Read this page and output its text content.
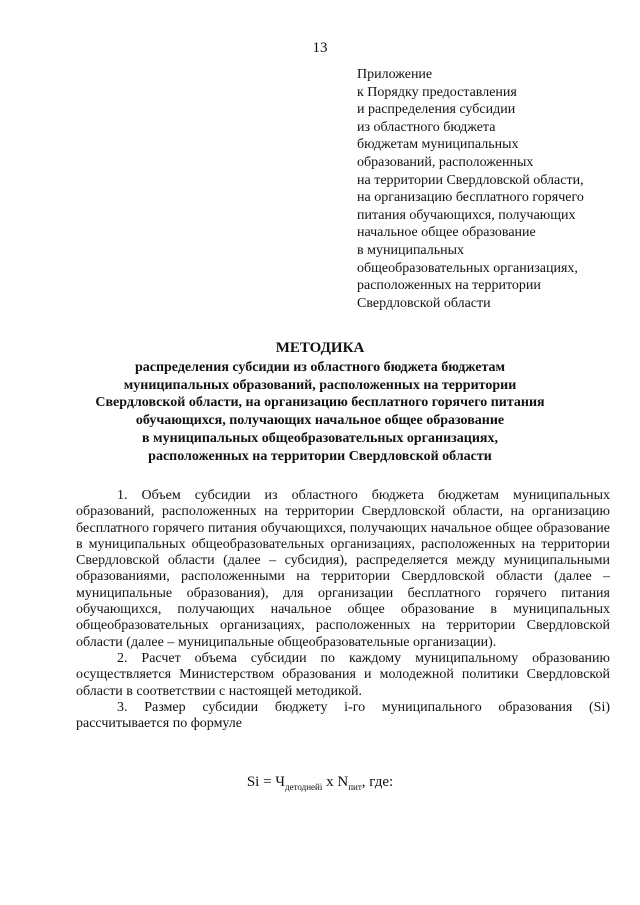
13
Приложение
к Порядку предоставления
и распределения субсидии
из областного бюджета
бюджетам муниципальных
образований, расположенных
на территории Свердловской области,
на организацию бесплатного горячего
питания обучающихся, получающих
начальное общее образование
в муниципальных
общеобразовательных организациях,
расположенных на территории
Свердловской области
МЕТОДИКА
распределения субсидии из областного бюджета бюджетам
муниципальных образований, расположенных на территории
Свердловской области, на организацию бесплатного горячего питания
обучающихся, получающих начальное общее образование
в муниципальных общеобразовательных организациях,
расположенных на территории Свердловской области

1. Объем субсидии из областного бюджета бюджетам муниципальных образований, расположенных на территории Свердловской области, на организацию бесплатного горячего питания обучающихся, получающих начальное общее образование в муниципальных общеобразовательных организациях, расположенных на территории Свердловской области (далее – субсидия), распределяется между муниципальными образованиями, расположенными на территории Свердловской области (далее – муниципальные образования), для организации бесплатного горячего питания обучающихся, получающих начальное общее образование в муниципальных общеобразовательных организациях, расположенных на территории Свердловской области (далее – муниципальные общеобразовательные организации).

2. Расчет объема субсидии по каждому муниципальному образованию осуществляется Министерством образования и молодежной политики Свердловской области в соответствии с настоящей методикой.

3. Размер субсидии бюджету i-го муниципального образования (Si) рассчитывается по формуле

$Si = Ч_{детоднейi}$ x $N_{пит}$, где:
